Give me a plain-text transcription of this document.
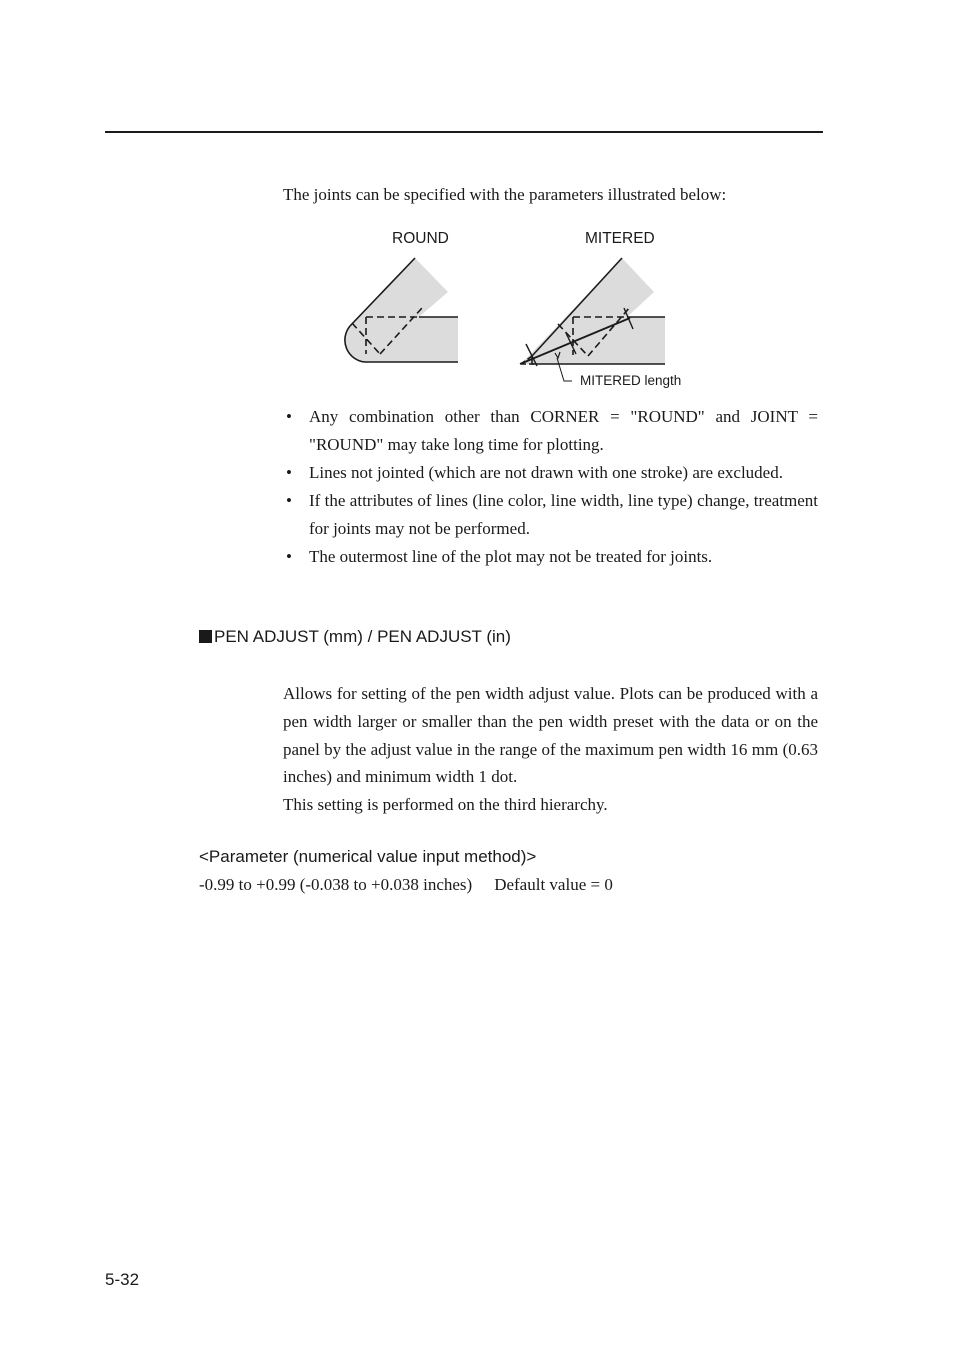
The joints can be specified with the parameters illustrated below:
ROUND	MITERED
MITERED length
• Any combination other than CORNER = "ROUND" and JOINT = "ROUND" may take long time for plotting.
• Lines not jointed (which are not drawn with one stroke) are excluded.
• If the attributes of lines (line color, line width, line type) change, treatment for joints may not be performed.
• The outermost line of the plot may not be treated for joints.
PEN ADJUST (mm) / PEN ADJUST (in)

Allows for setting of the pen width adjust value. Plots can be produced with a pen width larger or smaller than the pen width preset with the data or on the panel by the adjust value in the range of the maximum pen width 16 mm (0.63 inches) and minimum width 1 dot.

This setting is performed on the third hierarchy.

<Parameter (numerical value input method)>
-0.99 to +0.99 (-0.038 to +0.038 inches) Default value = 0
5-32
